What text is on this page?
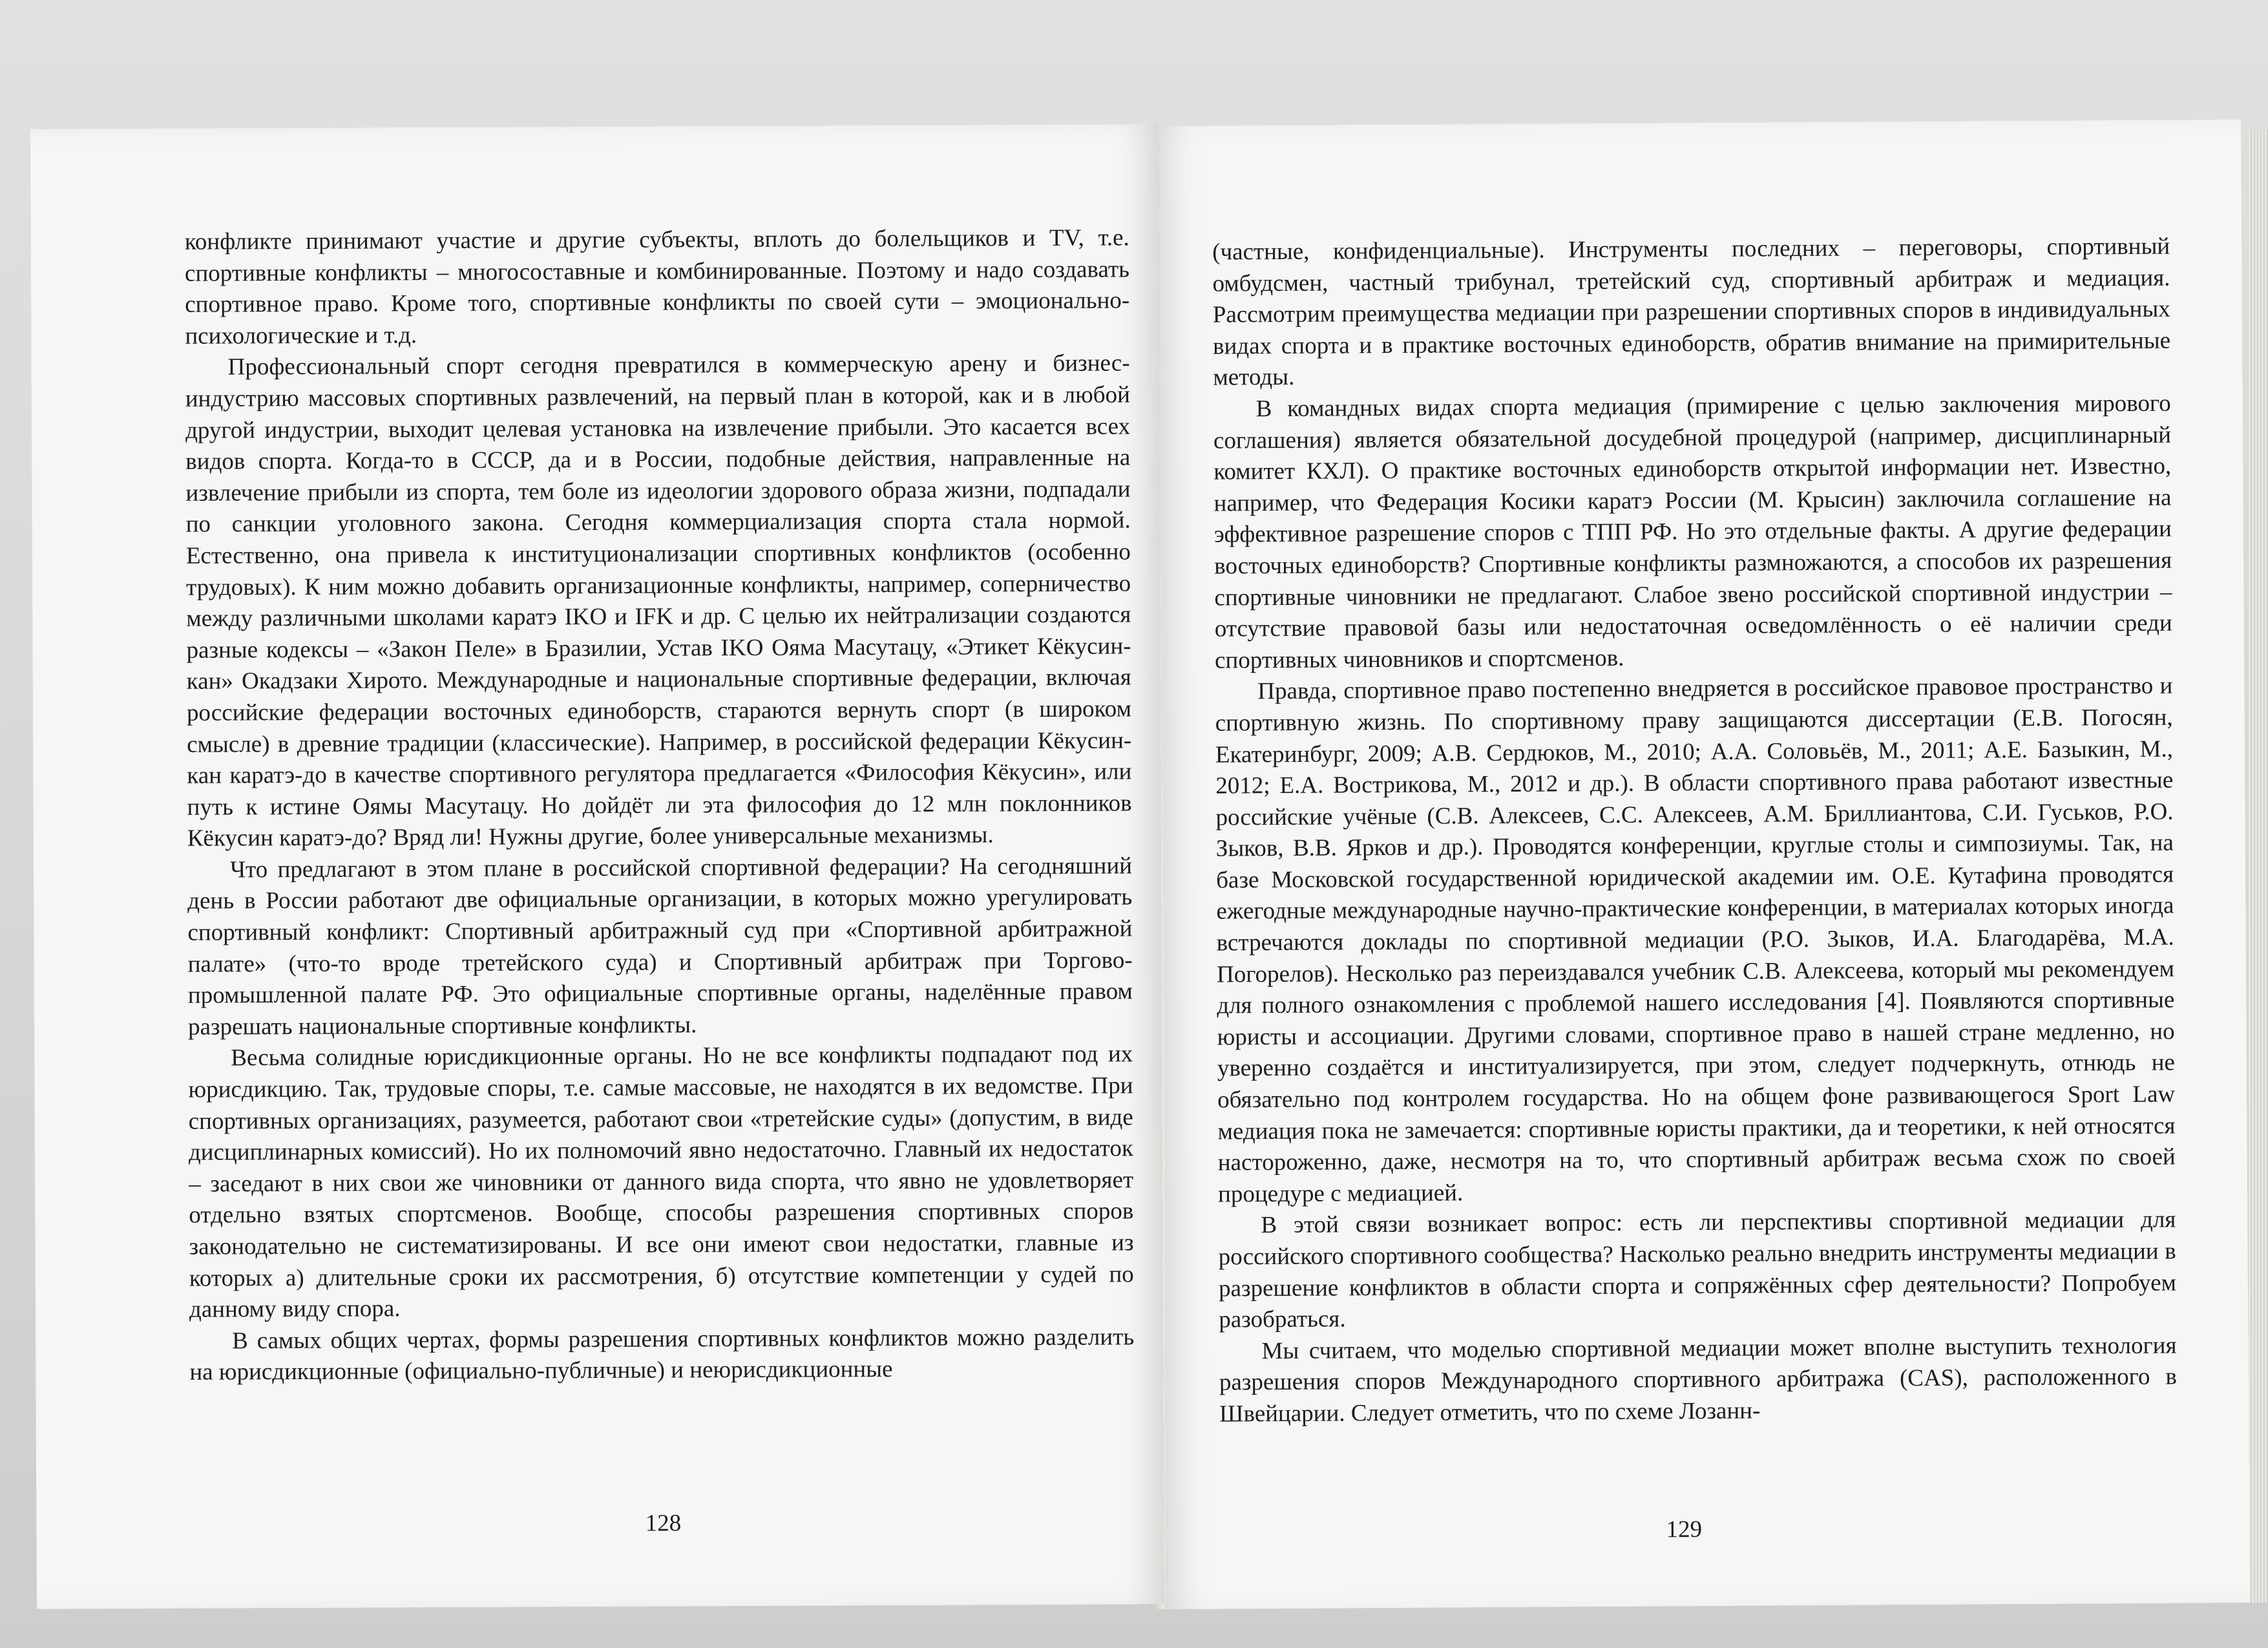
конфликте принимают участие и другие субъекты, вплоть до болельщиков и TV, т.е. спортивные конфликты – многосоставные и комбинированные. Поэтому и надо создавать спортивное право. Кроме того, спортивные конфликты по своей сути – эмоционально-психологические и т.д.

Профессиональный спорт сегодня превратился в коммерческую арену и бизнес-индустрию массовых спортивных развлечений, на первый план в которой, как и в любой другой индустрии, выходит целевая установка на извлечение прибыли. Это касается всех видов спорта. Когда-то в СССР, да и в России, подобные действия, направленные на извлечение прибыли из спорта, тем боле из идеологии здорового образа жизни, подпадали по санкции уголовного закона. Сегодня коммерциализация спорта стала нормой. Естественно, она привела к институционализации спортивных конфликтов (особенно трудовых). К ним можно добавить организационные конфликты, например, соперничество между различными школами каратэ IKO и IFK и др. С целью их нейтрализации создаются разные кодексы – «Закон Пеле» в Бразилии, Устав IKO Ояма Масутацу, «Этикет Кёкусин-кан» Окадзаки Хирото. Международные и национальные спортивные федерации, включая российские федерации восточных единоборств, стараются вернуть спорт (в широком смысле) в древние традиции (классические). Например, в российской федерации Кёкусин-кан каратэ-до в качестве спортивного регулятора предлагается «Философия Кёкусин», или путь к истине Оямы Масутацу. Но дойдёт ли эта философия до 12 млн поклонников Кёкусин каратэ-до? Вряд ли! Нужны другие, более универсальные механизмы.

Что предлагают в этом плане в российской спортивной федерации? На сегодняшний день в России работают две официальные организации, в которых можно урегулировать спортивный конфликт: Спортивный арбитражный суд при «Спортивной арбитражной палате» (что-то вроде третейского суда) и Спортивный арбитраж при Торгово-промышленной палате РФ. Это официальные спортивные органы, наделённые правом разрешать национальные спортивные конфликты.

Весьма солидные юрисдикционные органы. Но не все конфликты подпадают под их юрисдикцию. Так, трудовые споры, т.е. самые массовые, не находятся в их ведомстве. При спортивных организациях, разумеется, работают свои «третейские суды» (допустим, в виде дисциплинарных комиссий). Но их полномочий явно недостаточно. Главный их недостаток – заседают в них свои же чиновники от данного вида спорта, что явно не удовлетворяет отдельно взятых спортсменов. Вообще, способы разрешения спортивных споров законодательно не систематизированы. И все они имеют свои недостатки, главные из которых а) длительные сроки их рассмотрения, б) отсутствие компетенции у судей по данному виду спора.

В самых общих чертах, формы разрешения спортивных конфликтов можно разделить на юрисдикционные (официально-публичные) и неюрисдикционные

128

(частные, конфиденциальные). Инструменты последних – переговоры, спортивный омбудсмен, частный трибунал, третейский суд, спортивный арбитраж и медиация. Рассмотрим преимущества медиации при разрешении спортивных споров в индивидуальных видах спорта и в практике восточных единоборств, обратив внимание на примирительные методы.

В командных видах спорта медиация (примирение с целью заключения мирового соглашения) является обязательной досудебной процедурой (например, дисциплинарный комитет КХЛ). О практике восточных единоборств открытой информации нет. Известно, например, что Федерация Косики каратэ России (М. Крысин) заключила соглашение на эффективное разрешение споров с ТПП РФ. Но это отдельные факты. А другие федерации восточных единоборств? Спортивные конфликты размножаются, а способов их разрешения спортивные чиновники не предлагают. Слабое звено российской спортивной индустрии – отсутствие правовой базы или недостаточная осведомлённость о её наличии среди спортивных чиновников и спортсменов.

Правда, спортивное право постепенно внедряется в российское правовое пространство и спортивную жизнь. По спортивному праву защищаются диссертации (Е.В. Погосян, Екатеринбург, 2009; А.В. Сердюков, М., 2010; А.А. Соловьёв, М., 2011; А.Е. Базыкин, М., 2012; Е.А. Вострикова, М., 2012 и др.). В области спортивного права работают известные российские учёные (С.В. Алексеев, С.С. Алексеев, А.М. Бриллиантова, С.И. Гуськов, Р.О. Зыков, В.В. Ярков и др.). Проводятся конференции, круглые столы и симпозиумы. Так, на базе Московской государственной юридической академии им. О.Е. Кутафина проводятся ежегодные международные научно-практические конференции, в материалах которых иногда встречаются доклады по спортивной медиации (Р.О. Зыков, И.А. Благодарёва, М.А. Погорелов). Несколько раз переиздавался учебник С.В. Алексеева, который мы рекомендуем для полного ознакомления с проблемой нашего исследования [4]. Появляются спортивные юристы и ассоциации. Другими словами, спортивное право в нашей стране медленно, но уверенно создаётся и институализируется, при этом, следует подчеркнуть, отнюдь не обязательно под контролем государства. Но на общем фоне развивающегося Sport Law медиация пока не замечается: спортивные юристы практики, да и теоретики, к ней относятся настороженно, даже, несмотря на то, что спортивный арбитраж весьма схож по своей процедуре с медиацией.

В этой связи возникает вопрос: есть ли перспективы спортивной медиации для российского спортивного сообщества? Насколько реально внедрить инструменты медиации в разрешение конфликтов в области спорта и сопряжённых сфер деятельности? Попробуем разобраться.

Мы считаем, что моделью спортивной медиации может вполне выступить технология разрешения споров Международного спортивного арбитража (CAS), расположенного в Швейцарии. Следует отметить, что по схеме Лозанн-

129
